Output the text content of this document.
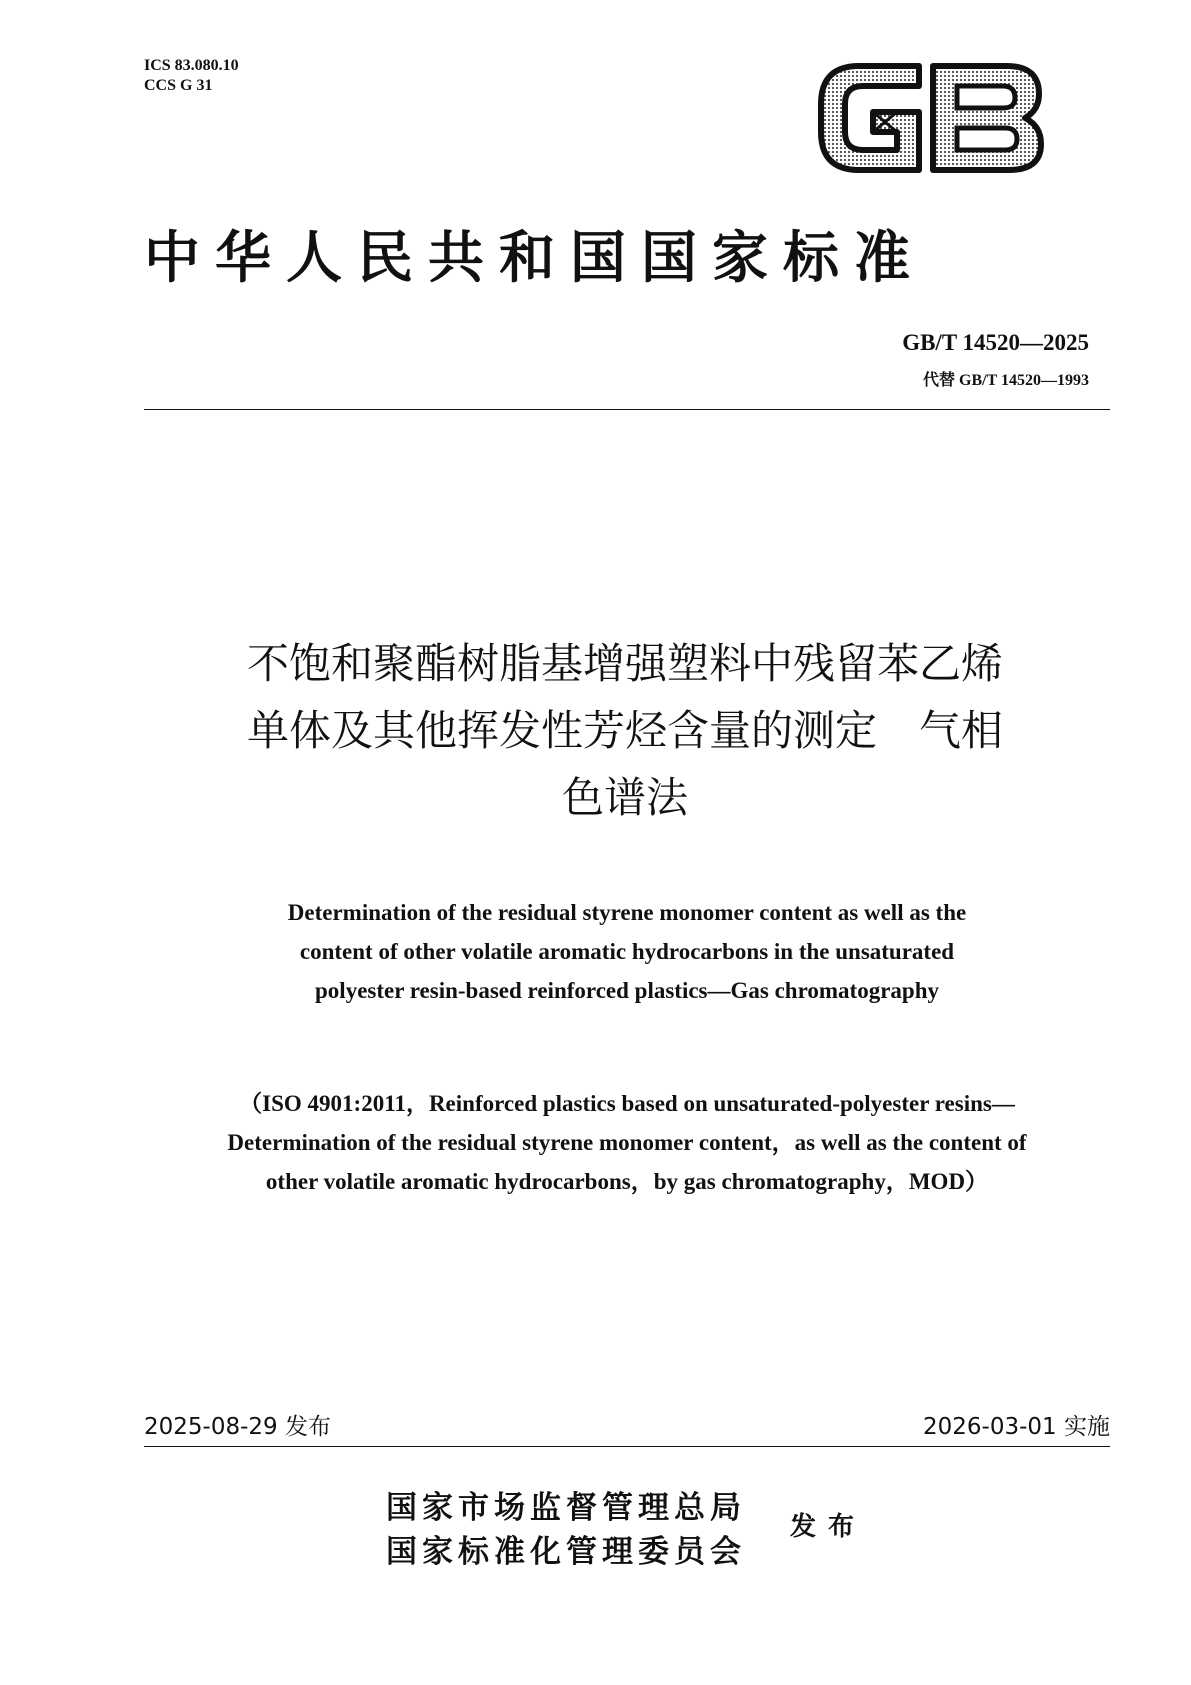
ICS 83.080.10
CCS G 31
GB
中华人民共和国国家标准
GB/T 14520—2025
代替 GB/T 14520—1993
不饱和聚酯树脂基增强塑料中残留苯乙烯
单体及其他挥发性芳烃含量的测定　气相
色谱法
Determination of the residual styrene monomer content as well as the
content of other volatile aromatic hydrocarbons in the unsaturated
polyester resin-based reinforced plastics—Gas chromatography
（ISO 4901:2011，Reinforced plastics based on unsaturated-polyester resins—
Determination of the residual styrene monomer content，as well as the content of
other volatile aromatic hydrocarbons，by gas chromatography，MOD）
2025-08-29 发布	2026-03-01 实施
国家市场监督管理总局
国家标准化管理委员会
发布
